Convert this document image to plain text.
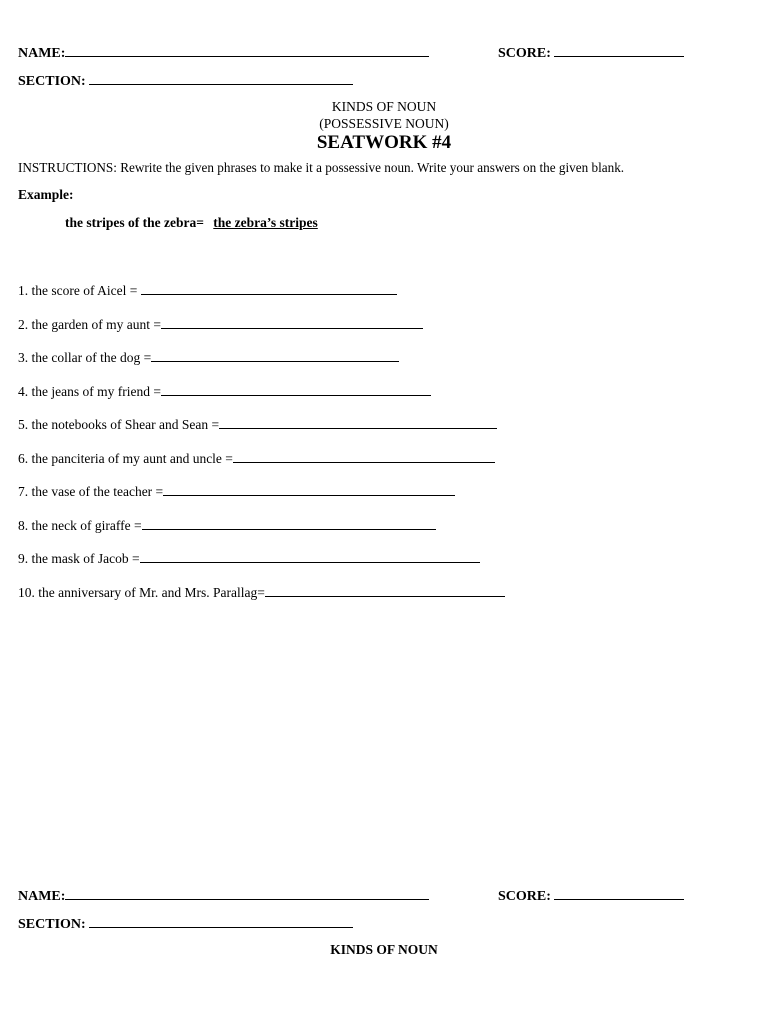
NAME:	SCORE:
SECTION:
KINDS OF NOUN
(POSSESSIVE NOUN)
SEATWORK #4
INSTRUCTIONS: Rewrite the given phrases to make it a possessive noun. Write your answers on the given blank.
Example:
the stripes of the zebra= the zebra’s stripes
1. the score of Aicel =
2. the garden of my aunt =
3. the collar of the dog =
4. the jeans of my friend =
5. the notebooks of Shear and Sean =
6. the panciteria of my aunt and uncle =
7. the vase of the teacher =
8. the neck of giraffe =
9. the mask of Jacob =
10. the anniversary of Mr. and Mrs. Parallag=
NAME:	SCORE:
SECTION:
KINDS OF NOUN
